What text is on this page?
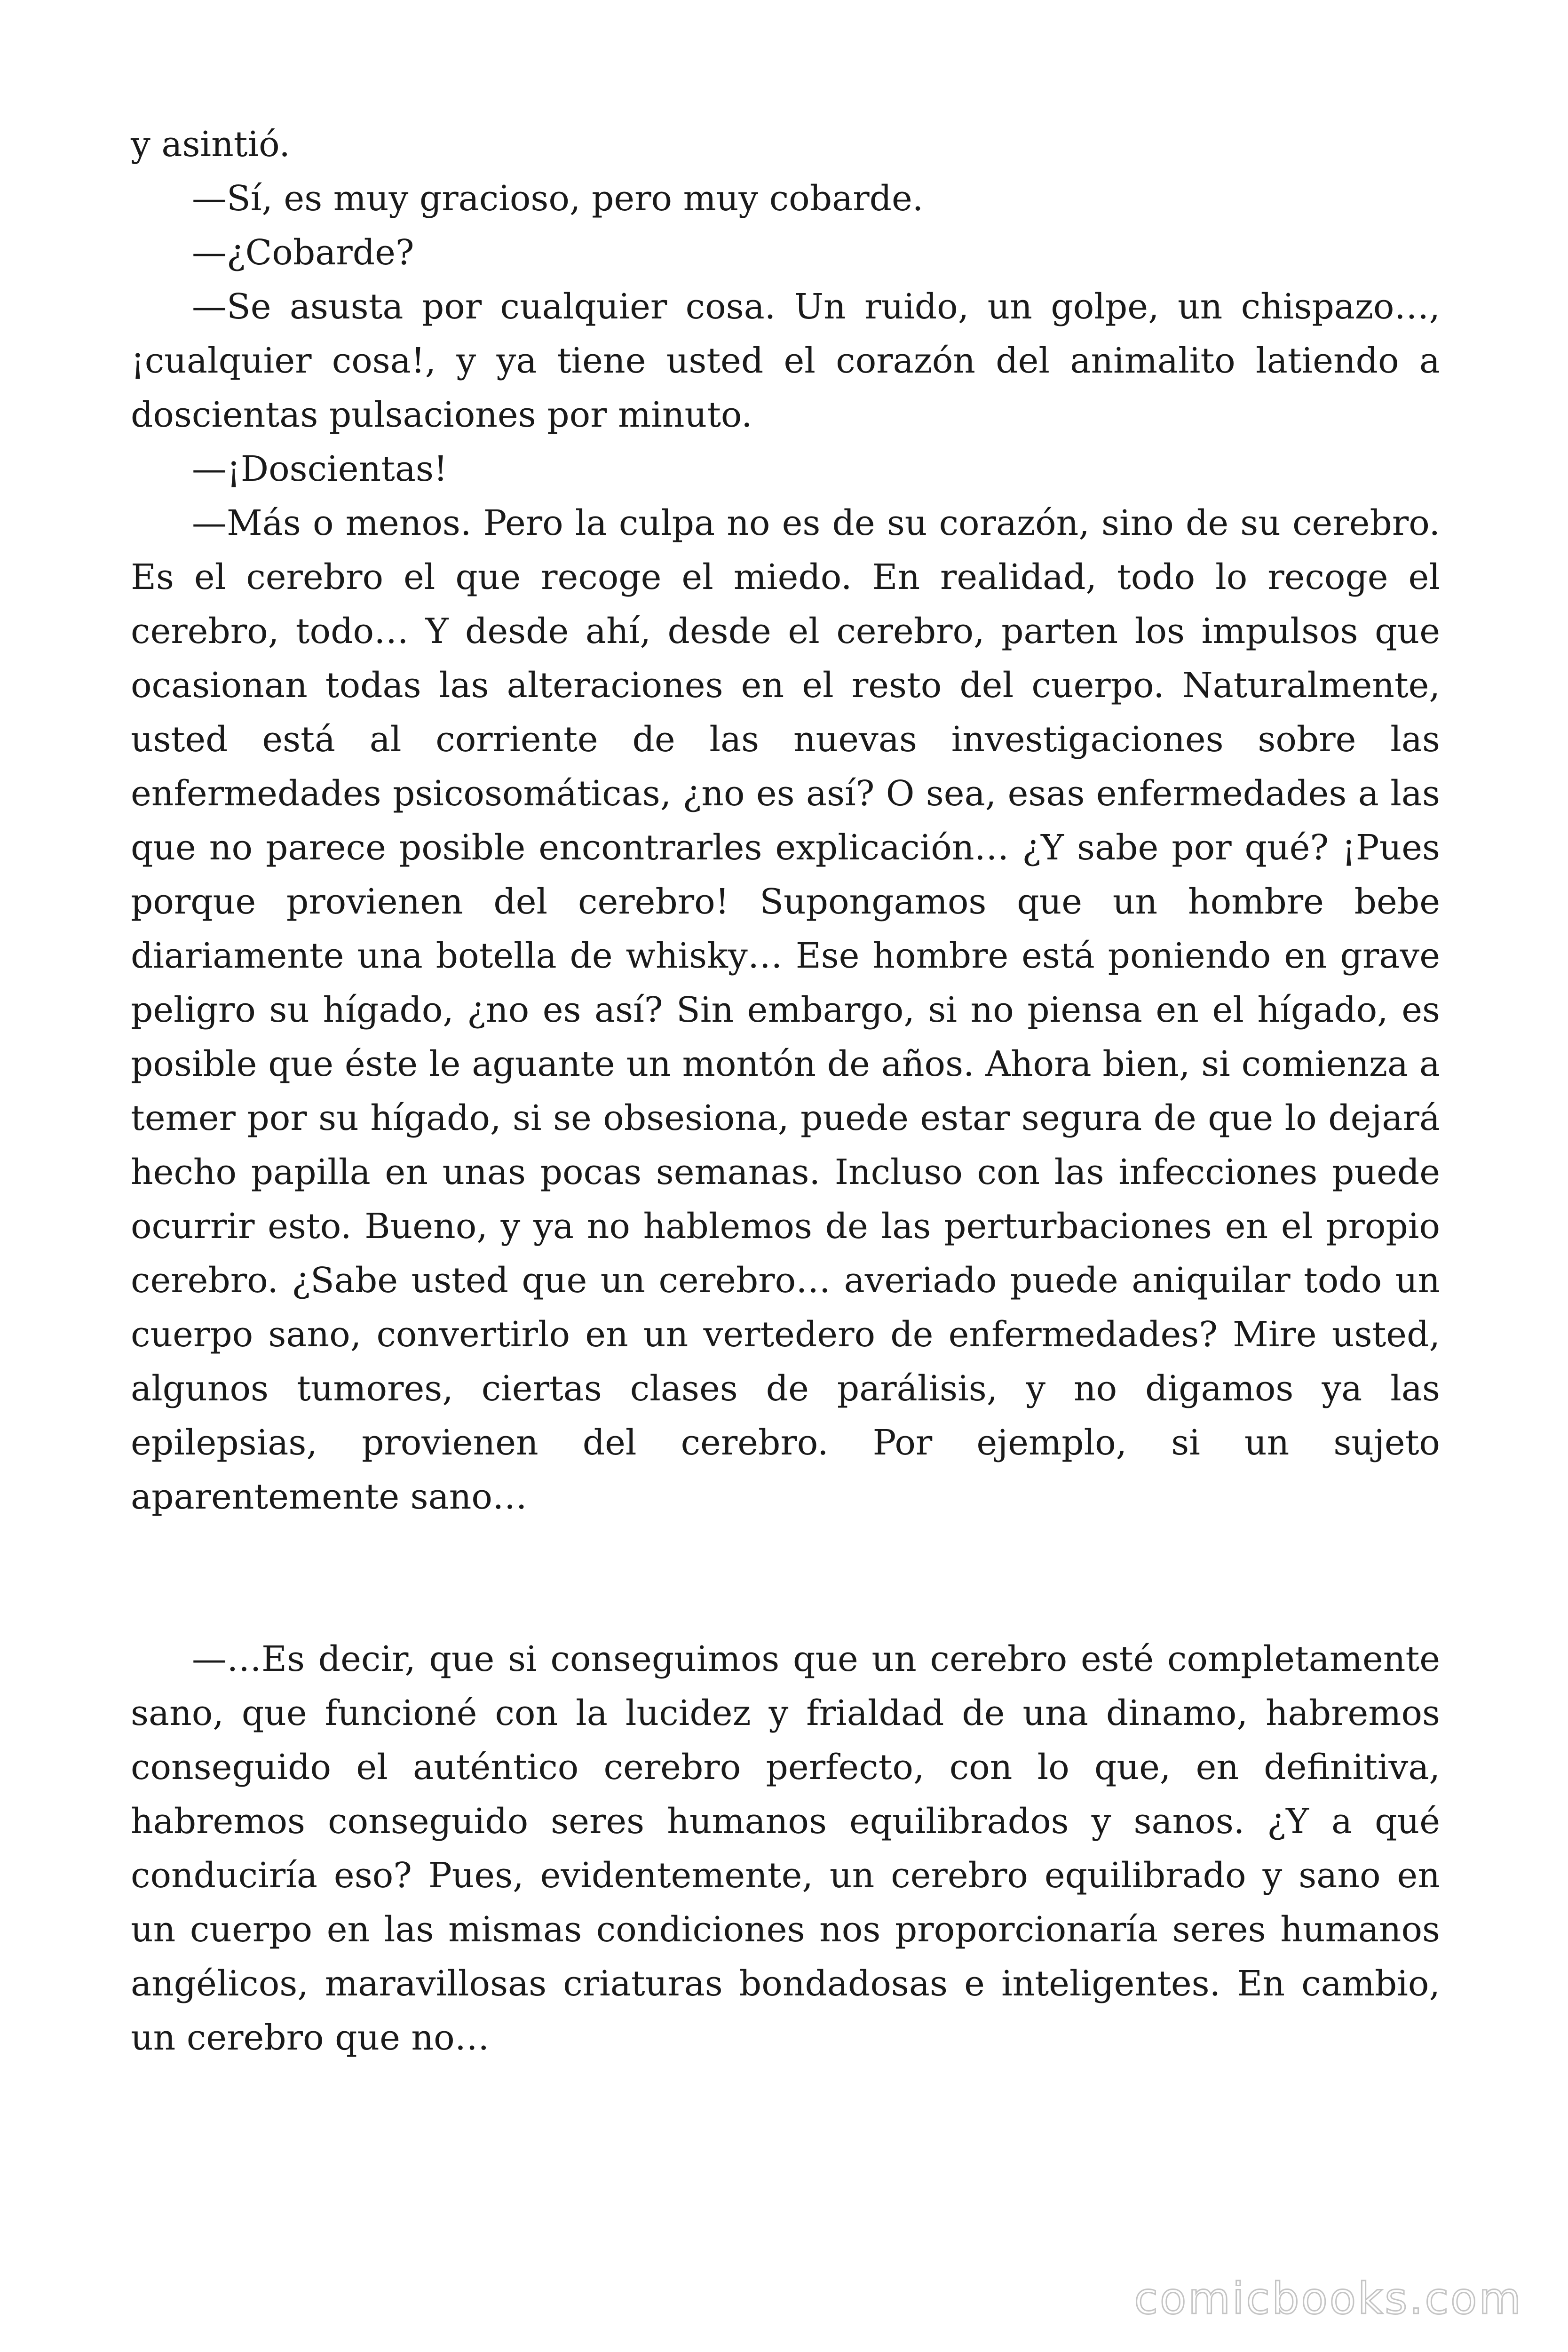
y asintió.

—Sí, es muy gracioso, pero muy cobarde.

—¿Cobarde?

—Se asusta por cualquier cosa. Un ruido, un golpe, un chispazo…, ¡cualquier cosa!, y ya tiene usted el corazón del animalito latiendo a doscientas pulsaciones por minuto.

—¡Doscientas!

—Más o menos. Pero la culpa no es de su corazón, sino de su cerebro. Es el cerebro el que recoge el miedo. En realidad, todo lo recoge el cerebro, todo… Y desde ahí, desde el cerebro, parten los impulsos que ocasionan todas las alteraciones en el resto del cuerpo. Naturalmente, usted está al corriente de las nuevas investigaciones sobre las enfermedades psicosomáticas, ¿no es así? O sea, esas enfermedades a las que no parece posible encontrarles explicación… ¿Y sabe por qué? ¡Pues porque provienen del cerebro! Supongamos que un hombre bebe diariamente una botella de whisky… Ese hombre está poniendo en grave peligro su hígado, ¿no es así? Sin embargo, si no piensa en el hígado, es posible que éste le aguante un montón de años. Ahora bien, si comienza a temer por su hígado, si se obsesiona, puede estar segura de que lo dejará hecho papilla en unas pocas semanas. Incluso con las infecciones puede ocurrir esto. Bueno, y ya no hablemos de las perturbaciones en el propio cerebro. ¿Sabe usted que un cerebro… averiado puede aniquilar todo un cuerpo sano, convertirlo en un vertedero de enfermedades? Mire usted, algunos tumores, ciertas clases de parálisis, y no digamos ya las epilepsias, provienen del cerebro. Por ejemplo, si un sujeto aparentemente sano…

—…Es decir, que si conseguimos que un cerebro esté completamente sano, que funcioné con la lucidez y frialdad de una dinamo, habremos conseguido el auténtico cerebro perfecto, con lo que, en definitiva, habremos conseguido seres humanos equilibrados y sanos. ¿Y a qué conduciría eso? Pues, evidentemente, un cerebro equilibrado y sano en un cuerpo en las mismas condiciones nos proporcionaría seres humanos angélicos, maravillosas criaturas bondadosas e inteligentes. En cambio, un cerebro que no…

comicbooks.com
